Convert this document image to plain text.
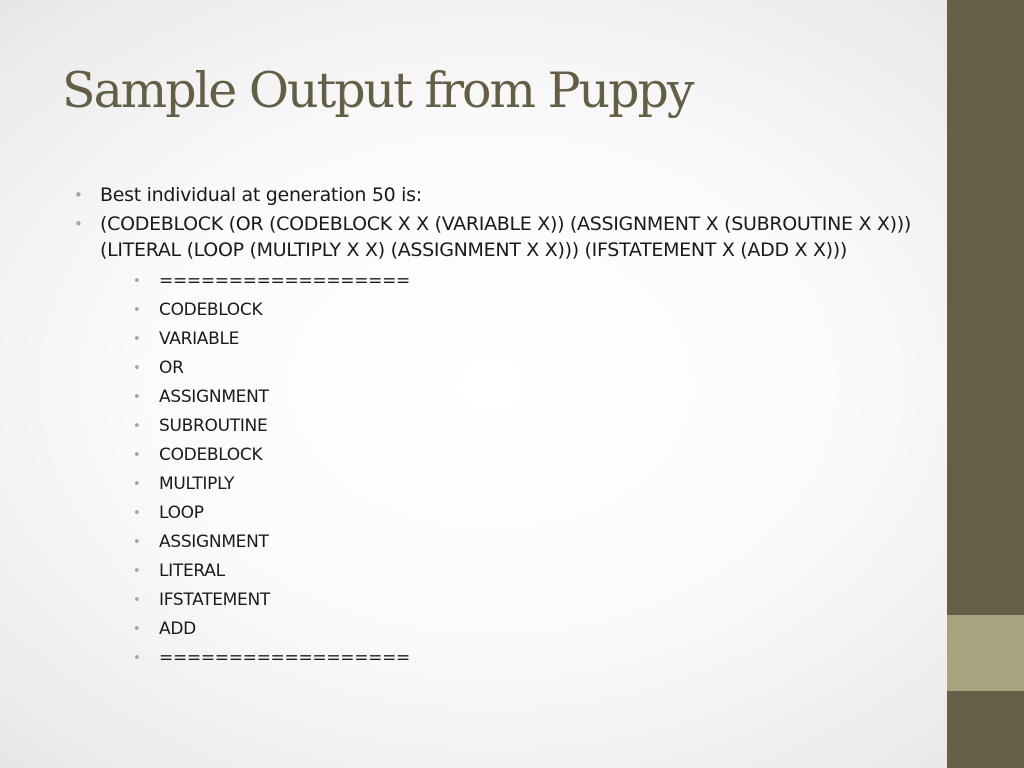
Sample Output from Puppy
• Best individual at generation 50 is:
• (CODEBLOCK (OR (CODEBLOCK X X (VARIABLE X)) (ASSIGNMENT X (SUBROUTINE X X))) (LITERAL (LOOP (MULTIPLY X X) (ASSIGNMENT X X))) (IFSTATEMENT X (ADD X X)))
• ==================
• CODEBLOCK
• VARIABLE
• OR
• ASSIGNMENT
• SUBROUTINE
• CODEBLOCK
• MULTIPLY
• LOOP
• ASSIGNMENT
• LITERAL
• IFSTATEMENT
• ADD
• ==================
